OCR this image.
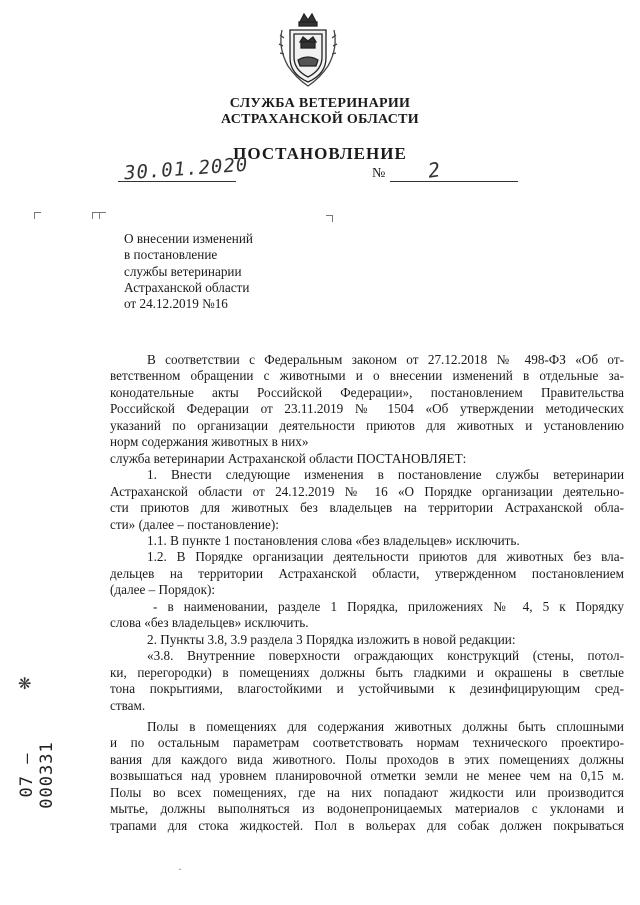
СЛУЖБА ВЕТЕРИНАРИИ
АСТРАХАНСКОЙ ОБЛАСТИ
ПОСТАНОВЛЕНИЕ
30.01.2020	№ 2
О внесении изменений
в постановление
службы ветеринарии
Астраханской области
от 24.12.2019 №16
В соответствии с Федеральным законом от 27.12.2018 № 498-ФЗ «Об от-
ветственном обращении с животными и о внесении изменений в отдельные за-
конодательные акты Российской Федерации», постановлением Правительства
Российской Федерации от 23.11.2019 № 1504 «Об утверждении методических
указаний по организации деятельности приютов для животных и установлению
норм содержания животных в них»
служба ветеринарии Астраханской области ПОСТАНОВЛЯЕТ:
1. Внести следующие изменения в постановление службы ветеринарии
Астраханской области от 24.12.2019 № 16 «О Порядке организации деятельно-
сти приютов для животных без владельцев на территории Астраханской обла-
сти» (далее – постановление):
1.1. В пункте 1 постановления слова «без владельцев» исключить.
1.2. В Порядке организации деятельности приютов для животных без вла-
дельцев на территории Астраханской области, утвержденном постановлением
(далее – Порядок):
- в наименовании, разделе 1 Порядка, приложениях № 4, 5 к Порядку
слова «без владельцев» исключить.
2. Пункты 3.8, 3.9 раздела 3 Порядка изложить в новой редакции:
«3.8. Внутренние поверхности ограждающих конструкций (стены, потол-
ки, перегородки) в помещениях должны быть гладкими и окрашены в светлые
тона покрытиями, влагостойкими и устойчивыми к дезинфицирующим сред-
ствам.
Полы в помещениях для содержания животных должны быть сплошными
и по остальным параметрам соответствовать нормам технического проектиро-
вания для каждого вида животного. Полы проходов в этих помещениях должны
возвышаться над уровнем планировочной отметки земли не менее чем на 0,15 м.
Полы во всех помещениях, где на них попадают жидкости или производится
мытье, должны выполняться из водонепроницаемых материалов с уклонами и
трапами для стока жидкостей. Пол в вольерах для собак должен покрываться
❋
07 – 000331
·
